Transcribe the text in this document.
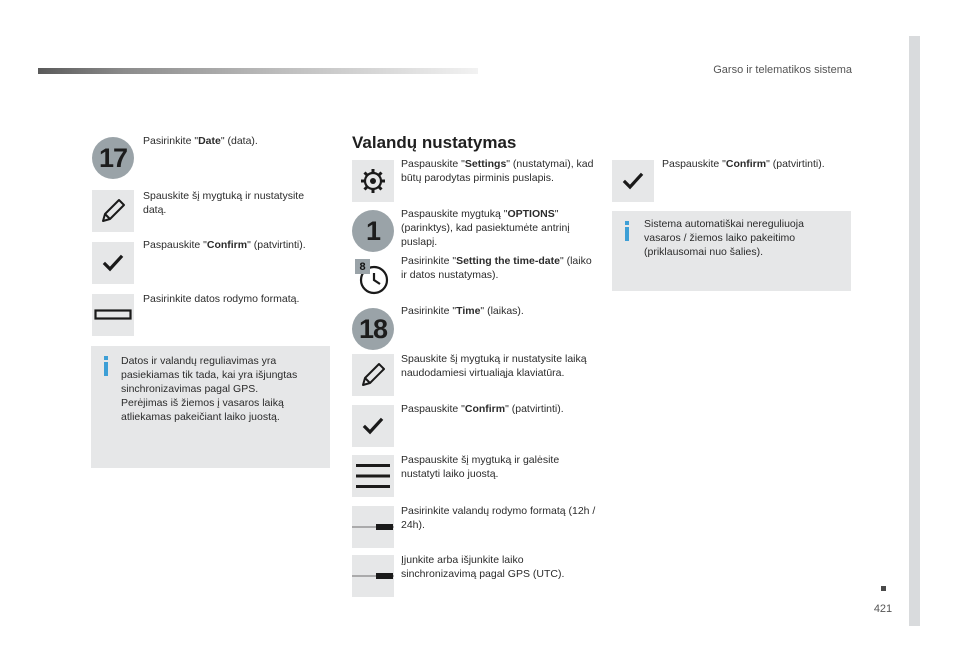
Garso ir telematikos sistema
421
17
Pasirinkite "Date" (data).
Spauskite šį mygtuką ir nustatysite datą.
Paspauskite "Confirm" (patvirtinti).
Pasirinkite datos rodymo formatą.
Datos ir valandų reguliavimas yra
pasiekiamas tik tada, kai yra išjungtas
sinchronizavimas pagal GPS.
Perėjimas iš žiemos į vasaros laiką
atliekamas pakeičiant laiko juostą.
Valandų nustatymas
Paspauskite "Settings" (nustatymai), kad būtų parodytas pirminis puslapis.
1
Paspauskite mygtuką "OPTIONS" (parinktys), kad pasiektumėte antrinį puslapį.
8	Pasirinkite "Setting the time-date" (laiko ir datos nustatymas).
18
Pasirinkite "Time" (laikas).
Spauskite šį mygtuką ir nustatysite laiką naudodamiesi virtualiąja klaviatūra.
Paspauskite "Confirm" (patvirtinti).
Paspauskite šį mygtuką ir galėsite nustatyti laiko juostą.
Pasirinkite valandų rodymo formatą (12h / 24h).
Įjunkite arba išjunkite laiko sinchronizavimą pagal GPS (UTC).
Paspauskite "Confirm" (patvirtinti).
Sistema automatiškai nereguliuoja
vasaros / žiemos laiko pakeitimo
(priklausomai nuo šalies).
